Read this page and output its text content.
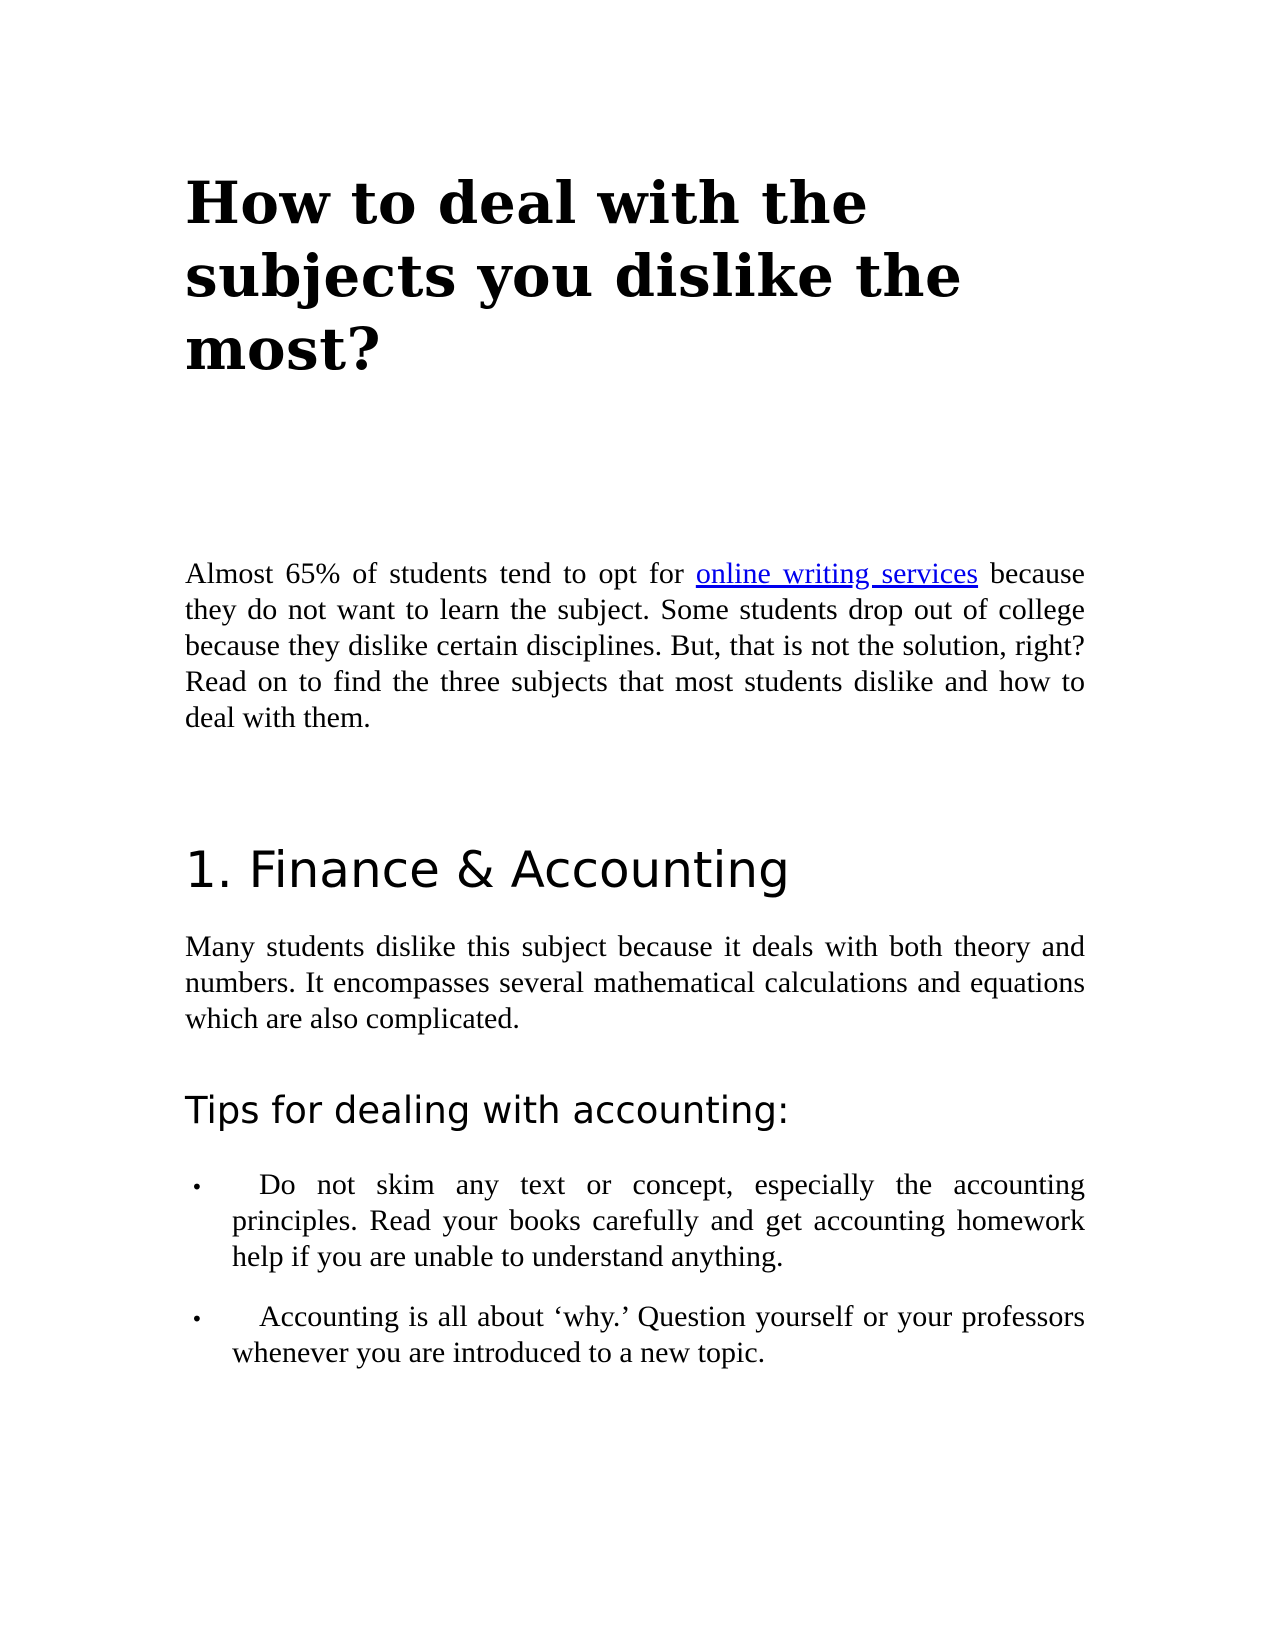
How to deal with the subjects you dislike the most?

Almost 65% of students tend to opt for online writing services because they do not want to learn the subject. Some students drop out of college because they dislike certain disciplines. But, that is not the solution, right? Read on to find the three subjects that most students dislike and how to deal with them.

1. Finance & Accounting

Many students dislike this subject because it deals with both theory and numbers. It encompasses several mathematical calculations and equations which are also complicated.

Tips for dealing with accounting:
•	Do not skim any text or concept, especially the accounting principles. Read your books carefully and get accounting homework help if you are unable to understand anything.

•	Accounting is all about ‘why.’ Question yourself or your professors whenever you are introduced to a new topic.
